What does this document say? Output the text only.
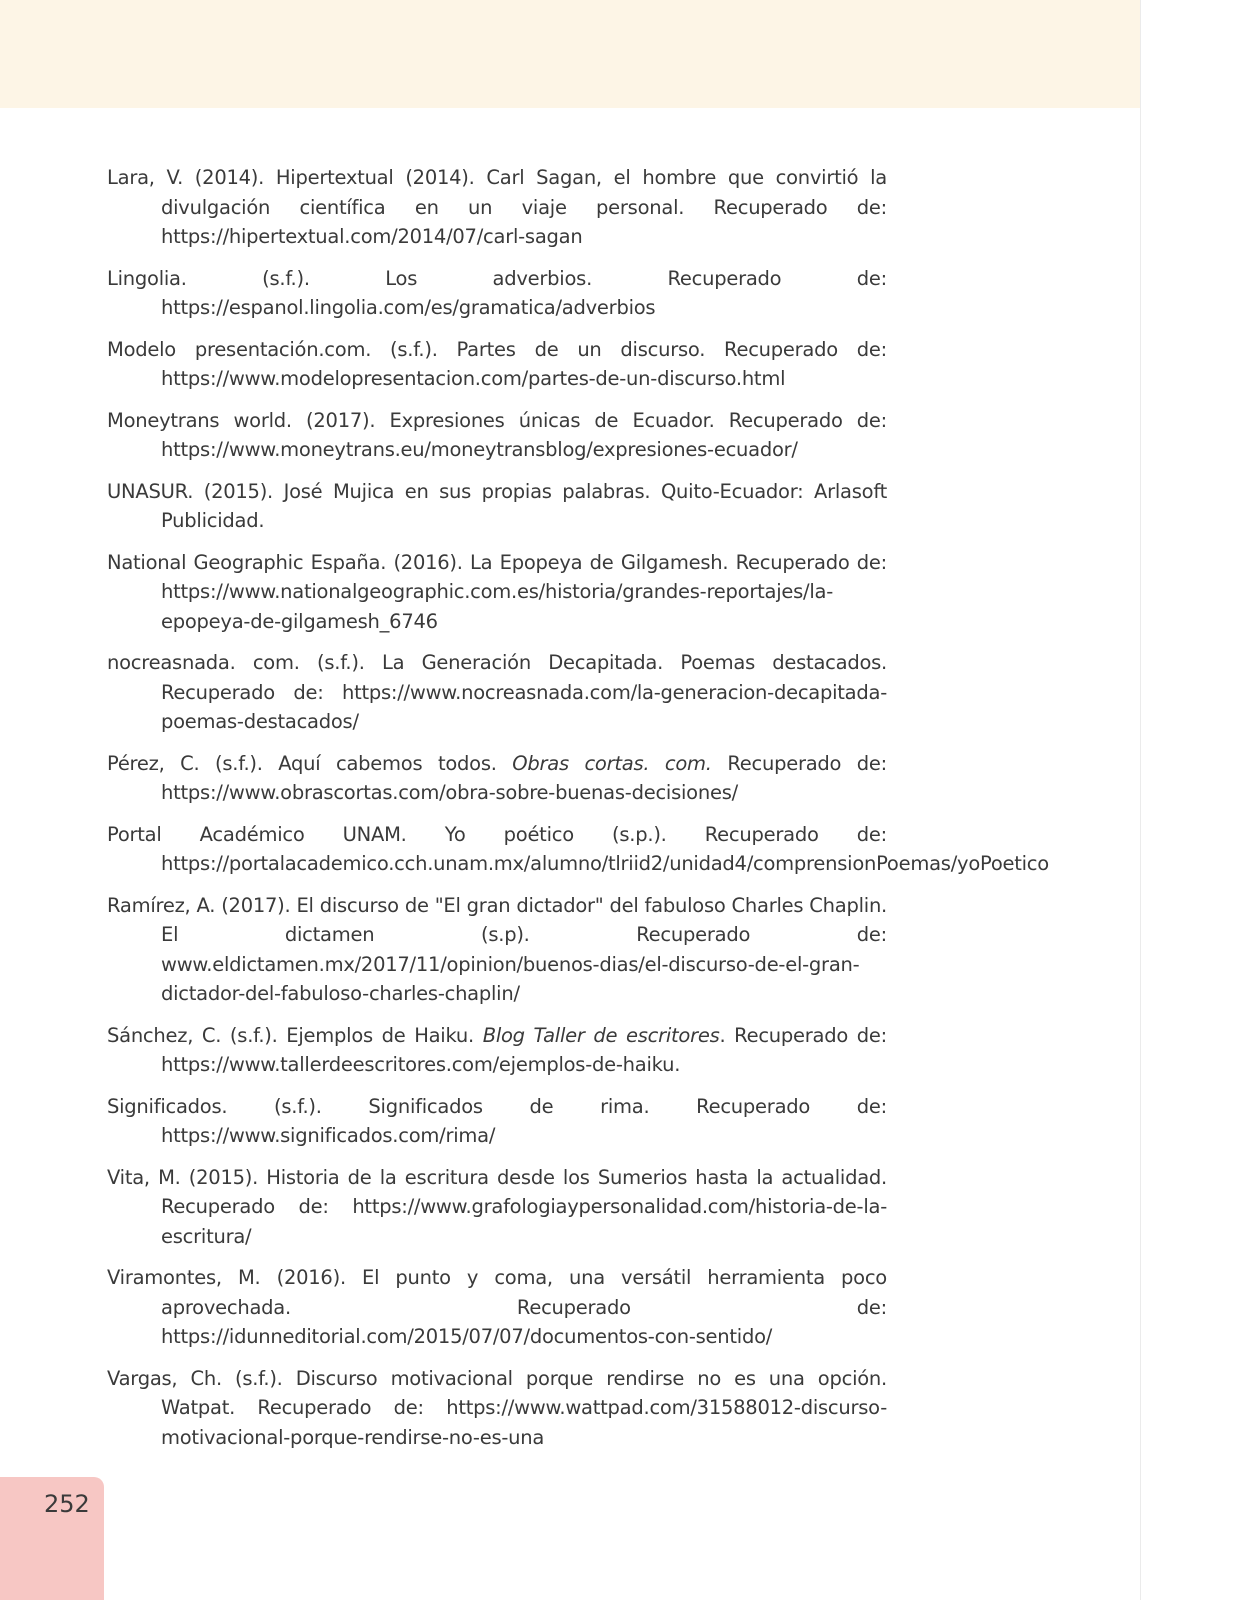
Lara, V. (2014). Hipertextual (2014). Carl Sagan, el hombre que convirtió la divulgación científica en un viaje personal. Recuperado de: https://hipertextual.com/2014/07/carl-sagan
Lingolia. (s.f.). Los adverbios. Recuperado de: https://espanol.lingolia.com/es/gramatica/adverbios
Modelo presentación.com. (s.f.). Partes de un discurso. Recuperado de: https://www.modelopresentacion.com/partes-de-un-discurso.html
Moneytrans world. (2017). Expresiones únicas de Ecuador. Recuperado de: https://www.moneytrans.eu/moneytransblog/expresiones-ecuador/
UNASUR. (2015). José Mujica en sus propias palabras. Quito-Ecuador: Arlasoft Publicidad.
National Geographic España. (2016). La Epopeya de Gilgamesh. Recuperado de: https://www.nationalgeographic.com.es/historia/grandes-reportajes/la-epopeya-de-gilgamesh_6746
nocreasnada. com. (s.f.). La Generación Decapitada. Poemas destacados. Recuperado de: https://www.nocreasnada.com/la-generacion-decapitada-poemas-destacados/
Pérez, C. (s.f.). Aquí cabemos todos. Obras cortas. com. Recuperado de: https://www.obrascortas.com/obra-sobre-buenas-decisiones/
Portal Académico UNAM. Yo poético (s.p.). Recuperado de: https://portalacademico.cch.unam.mx/alumno/tlriid2/unidad4/comprensionPoemas/yoPoetico
Ramírez, A. (2017). El discurso de "El gran dictador" del fabuloso Charles Chaplin. El dictamen (s.p). Recuperado de: www.eldictamen.mx/2017/11/opinion/buenos-dias/el-discurso-de-el-gran-dictador-del-fabuloso-charles-chaplin/
Sánchez, C. (s.f.). Ejemplos de Haiku. Blog Taller de escritores. Recuperado de: https://www.tallerdeescritores.com/ejemplos-de-haiku.
Significados. (s.f.). Significados de rima. Recuperado de: https://www.significados.com/rima/
Vita, M. (2015). Historia de la escritura desde los Sumerios hasta la actualidad. Recuperado de: https://www.grafologiaypersonalidad.com/historia-de-la-escritura/
Viramontes, M. (2016). El punto y coma, una versátil herramienta poco aprovechada. Recuperado de: https://idunneditorial.com/2015/07/07/documentos-con-sentido/
Vargas, Ch. (s.f.). Discurso motivacional porque rendirse no es una opción. Watpat. Recuperado de: https://www.wattpad.com/31588012-discurso-motivacional-porque-rendirse-no-es-una
252
